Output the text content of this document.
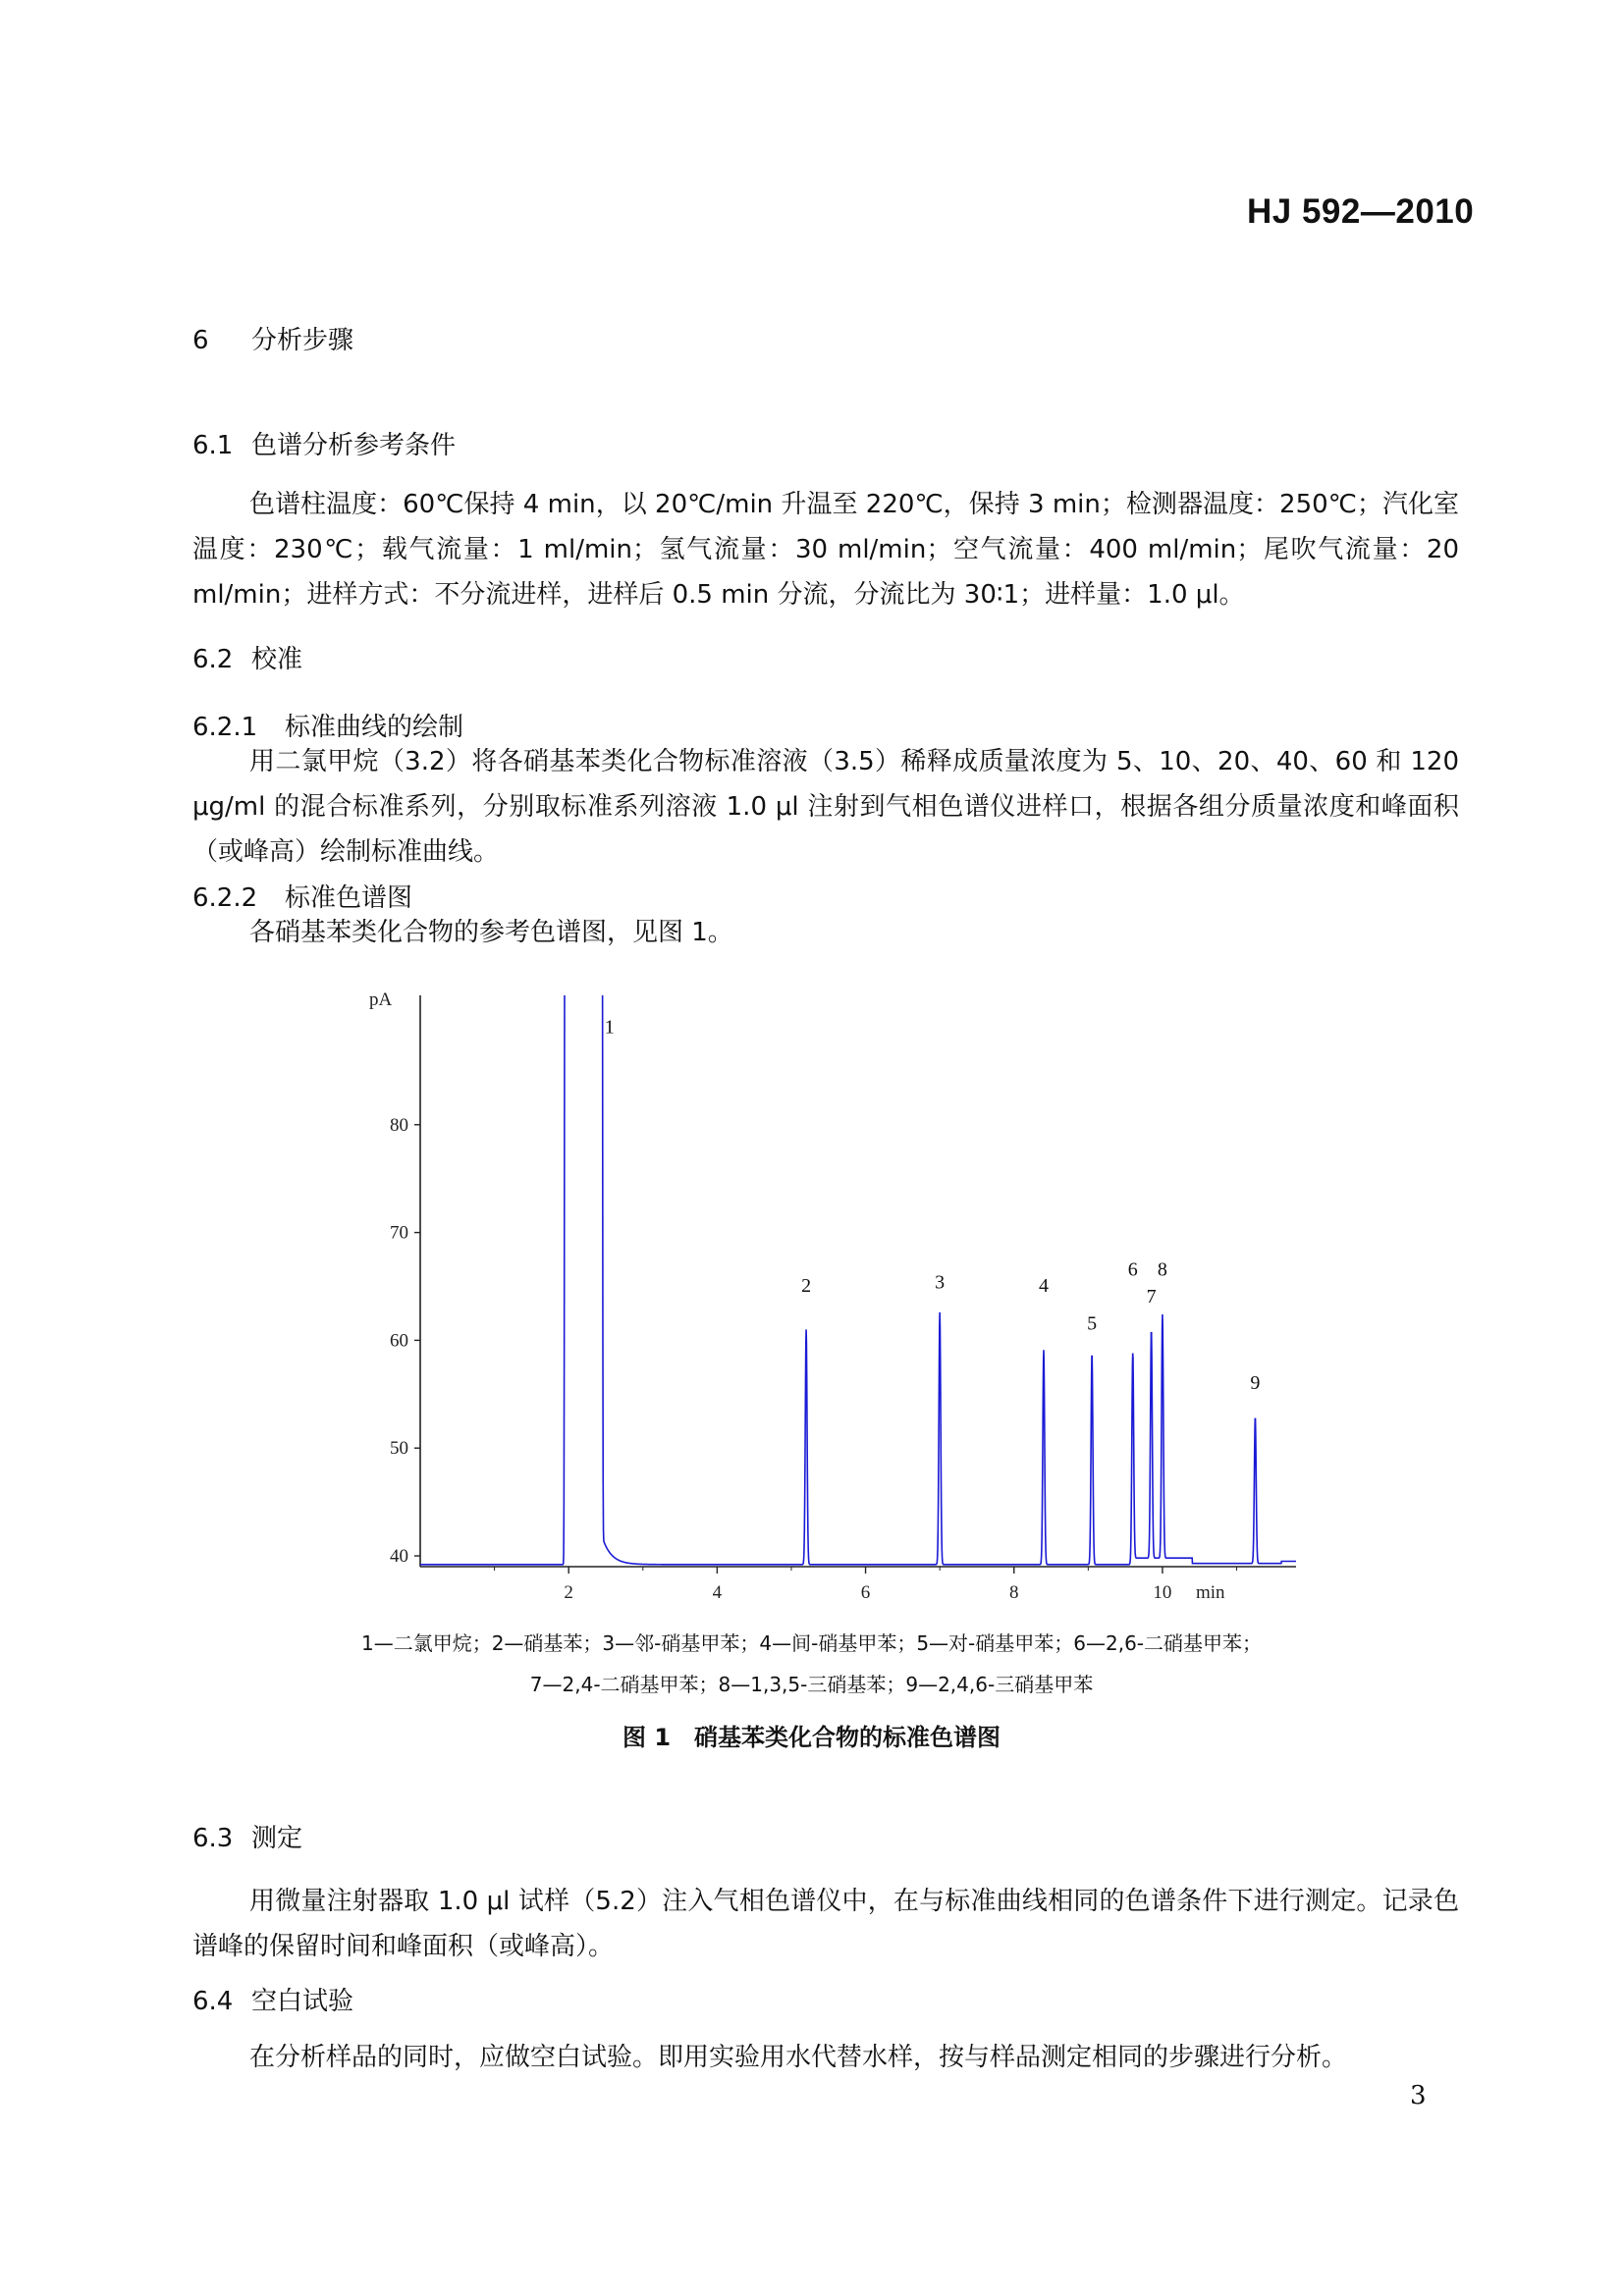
HJ 592—2010
6 分析步骤
6.1 色谱分析参考条件
色谱柱温度：60℃保持 4 min，以 20℃/min 升温至 220℃，保持 3 min；检测器温度：250℃；汽化室温度：230℃；载气流量：1 ml/min；氢气流量：30 ml/min；空气流量：400 ml/min；尾吹气流量：20 ml/min；进样方式：不分流进样，进样后 0.5 min 分流，分流比为 30∶1；进样量：1.0 μl。
6.2 校准
6.2.1 标准曲线的绘制
用二氯甲烷（3.2）将各硝基苯类化合物标准溶液（3.5）稀释成质量浓度为 5、10、20、40、60 和 120 μg/ml 的混合标准系列，分别取标准系列溶液 1.0 μl 注射到气相色谱仪进样口，根据各组分质量浓度和峰面积（或峰高）绘制标准曲线。
6.2.2 标准色谱图
各硝基苯类化合物的参考色谱图，见图 1。
40
50
60
70
80
2	4	6	8	10
pA
min
1
2	3	4
5
6
7
8
9
1—二氯甲烷；2—硝基苯；3—邻-硝基甲苯；4—间-硝基甲苯；5—对-硝基甲苯；6—2,6-二硝基甲苯；
7—2,4-二硝基甲苯；8—1,3,5-三硝基苯；9—2,4,6-三硝基甲苯
图 1　硝基苯类化合物的标准色谱图
6.3 测定
用微量注射器取 1.0 μl 试样（5.2）注入气相色谱仪中，在与标准曲线相同的色谱条件下进行测定。记录色谱峰的保留时间和峰面积（或峰高）。
6.4 空白试验
在分析样品的同时，应做空白试验。即用实验用水代替水样，按与样品测定相同的步骤进行分析。
3
